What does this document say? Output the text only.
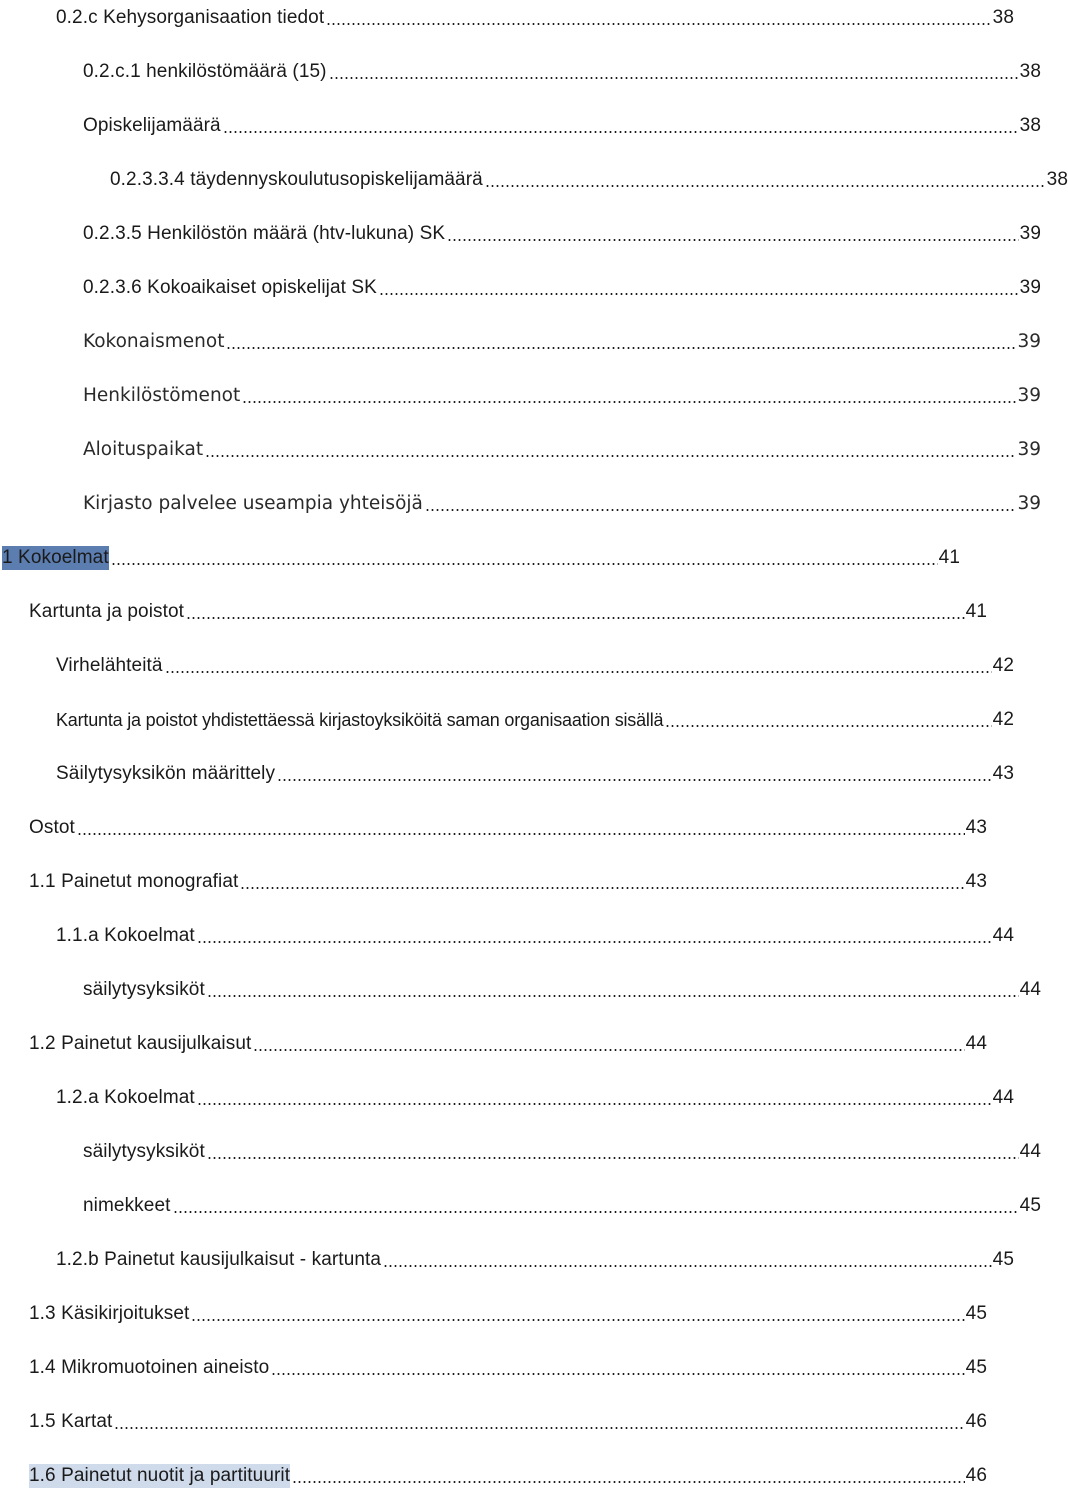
0.2.c Kehysorganisaation tiedot	38
0.2.c.1 henkilöstömäärä (15)	38
Opiskelijamäärä	38
0.2.3.3.4 täydennyskoulutusopiskelijamäärä	38
0.2.3.5 Henkilöstön määrä (htv-lukuna) SK	39
0.2.3.6 Kokoaikaiset opiskelijat SK	39
Kokonaismenot	39
Henkilöstömenot	39
Aloituspaikat	39
Kirjasto palvelee useampia yhteisöjä	39
1 Kokoelmat	41
Kartunta ja poistot	41
Virhelähteitä	42
Kartunta ja poistot yhdistettäessä kirjastoyksiköitä saman organisaation sisällä	42
Säilytysyksikön määrittely	43
Ostot	43
1.1 Painetut monografiat	43
1.1.a Kokoelmat	44
säilytysyksiköt	44
1.2 Painetut kausijulkaisut	44
1.2.a Kokoelmat	44
säilytysyksiköt	44
nimekkeet	45
1.2.b Painetut kausijulkaisut - kartunta	45
1.3 Käsikirjoitukset	45
1.4 Mikromuotoinen aineisto	45
1.5 Kartat	46
1.6 Painetut nuotit ja partituurit	46
